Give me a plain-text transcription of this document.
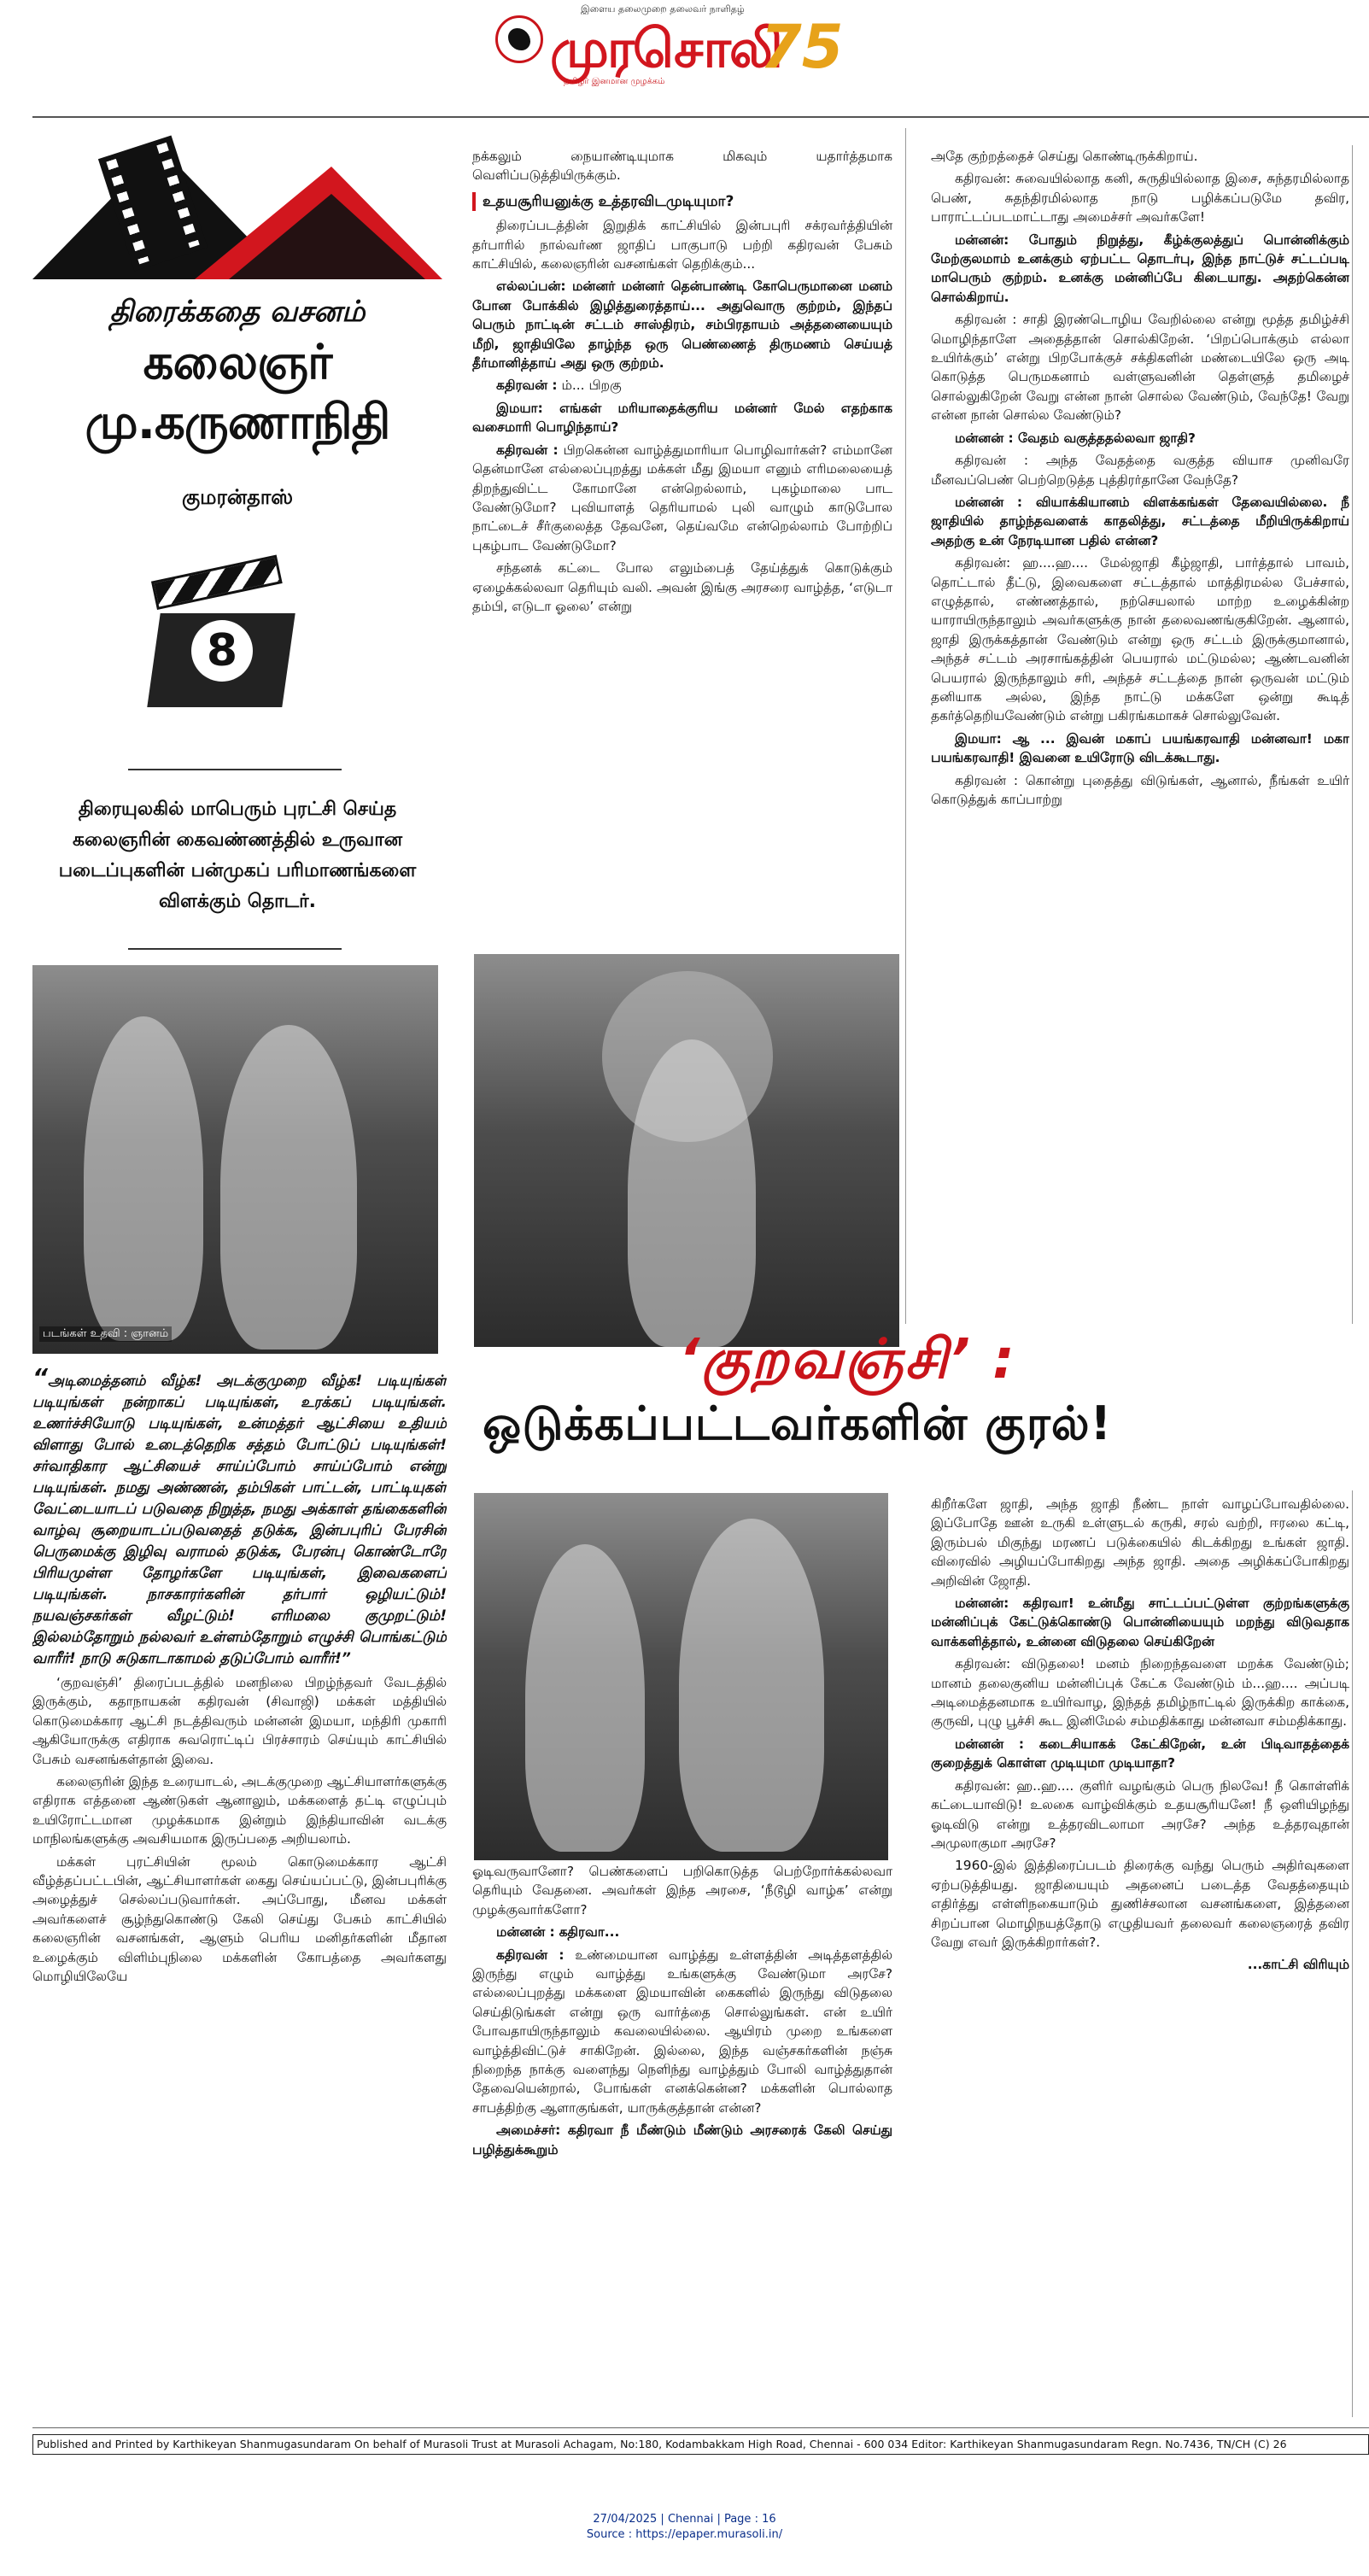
இளைய தலைமுறை தலைவர் நாளிதழ்
முரசொலி
75
தமிழர் இனமான முழக்கம்
திரைக்கதை வசனம்
கலைஞர்
மு.கருணாநிதி
குமரன்தாஸ்
8
திரையுலகில் மாபெரும் புரட்சி செய்த கலைஞரின் கைவண்ணத்தில் உருவான படைப்புகளின் பன்முகப் பரிமாணங்களை விளக்கும் தொடர்.
படங்கள் உதவி : ஞானம்

“அடிமைத்தனம் வீழ்க! அடக்குமுறை வீழ்க! படியுங்கள் படியுங்கள் நன்றாகப் படியுங்கள், உரக்கப் படியுங்கள். உணர்ச்சியோடு படியுங்கள், உன்மத்தர் ஆட்சியை உதியம் விளாது போல் உடைத்தெறிக சத்தம் போட்டுப் படியுங்கள்! சர்வாதிகார ஆட்சியைச் சாய்ப்போம் சாய்ப்போம் என்று படியுங்கள். நமது அண்ணன், தம்பிகள் பாட்டன், பாட்டியுகள் வேட்டையாடப் படுவதை நிறுத்த, நமது அக்காள் தங்கைகளின் வாழ்வு சூறையாடப்படுவதைத் தடுக்க, இன்பபுரிப் பேரசின் பெருமைக்கு இழிவு வராமல் தடுக்க, பேரன்பு கொண்டோரே பிரியமுள்ள தோழர்களே படியுங்கள், இவைகளைப் படியுங்கள். நாசகாரர்களின் தர்பார் ஒழியட்டும்! நயவஞ்சகர்கள் வீழட்டும்! எரிமலை குமுறட்டும்! இல்லம்தோறும் நல்லவர் உள்ளம்தோறும் எழுச்சி பொங்கட்டும் வாரீர்! நாடு சுடுகாடாகாமல் தடுப்போம் வாரீர்!”

‘குறவஞ்சி’ திரைப்படத்தில் மனநிலை பிறழ்ந்தவர் வேடத்தில் இருக்கும், கதாநாயகன் கதிரவன் (சிவாஜி) மக்கள் மத்தியில் கொடுமைக்கார ஆட்சி நடத்திவரும் மன்னன் இமயா, மந்திரி முகாரி ஆகியோருக்கு எதிராக சுவரொட்டிப் பிரச்சாரம் செய்யும் காட்சியில் பேசும் வசனங்கள்தான் இவை.

கலைஞரின் இந்த உரையாடல், அடக்குமுறை ஆட்சியாளர்களுக்கு எதிராக எத்தனை ஆண்டுகள் ஆனாலும், மக்களைத் தட்டி எழுப்பும் உயிரோட்டமான முழக்கமாக இன்றும் இந்தியாவின் வடக்கு மாநிலங்களுக்கு அவசியமாக இருப்பதை அறியலாம்.

மக்கள் புரட்சியின் மூலம் கொடுமைக்கார ஆட்சி வீழ்த்தப்பட்டபின், ஆட்சியாளர்கள் கைது செய்யப்பட்டு, இன்பபுரிக்கு அழைத்துச் செல்லப்படுவார்கள். அப்போது, மீனவ மக்கள் அவர்களைச் சூழ்ந்துகொண்டு கேலி செய்து பேசும் காட்சியில் கலைஞரின் வசனங்கள், ஆளும் பெரிய மனிதர்களின் மீதான உழைக்கும் விளிம்புநிலை மக்களின் கோபத்தை அவர்களது மொழியிலேயே

நக்கலும் நையாண்டியுமாக மிகவும் யதார்த்தமாக வெளிப்படுத்தியிருக்கும்.

உதயசூரியனுக்கு உத்தரவிடமுடியுமா?

திரைப்படத்தின் இறுதிக் காட்சியில் இன்பபுரி சக்ரவர்த்தியின் தர்பாரில் நால்வர்ண ஜாதிப் பாகுபாடு பற்றி கதிரவன் பேசும் காட்சியில், கலைஞரின் வசனங்கள் தெறிக்கும்...

எல்லப்பன்: மன்னர் மன்னர் தென்பாண்டி கோபெருமானை மனம் போன போக்கில் இழித்துரைத்தாய்... அதுவொரு குற்றம், இந்தப் பெரும் நாட்டின் சட்டம் சாஸ்திரம், சம்பிரதாயம் அத்தனையையும் மீறி, ஜாதியிலே தாழ்ந்த ஒரு பெண்ணைத் திருமணம் செய்யத் தீர்மானித்தாய் அது ஒரு குற்றம்.

கதிரவன் : ம்... பிறகு

இமயா: எங்கள் மரியாதைக்குரிய மன்னர் மேல் எதற்காக வசைமாரி பொழிந்தாய்?

கதிரவன் : பிறகென்ன வாழ்த்துமாரியா பொழிவார்கள்? எம்மானே தென்மானே எல்லைப்புறத்து மக்கள் மீது இமயா எனும் எரிமலையைத் திறந்துவிட்ட கோமானே என்றெல்லாம், புகழ்மாலை பாட வேண்டுமோ? புவியாளத் தெரியாமல் புலி வாழும் காடுபோல நாட்டைச் சீர்குலைத்த தேவனே, தெய்வமே என்றெல்லாம் போற்றிப் புகழ்பாட வேண்டுமோ?

சந்தனக் கட்டை போல எலும்பைத் தேய்த்துக் கொடுக்கும் ஏழைக்கல்லவா தெரியும் வலி. அவன் இங்கு அரசரை வாழ்த்த, ‘எடுடா தம்பி, எடுடா ஓலை’ என்று

‘குறவஞ்சி’ :
ஒடுக்கப்பட்டவர்களின் குரல்!

ஓடிவருவானோ? பெண்களைப் பறிகொடுத்த பெற்றோர்க்கல்லவா தெரியும் வேதனை. அவர்கள் இந்த அரசை, ‘நீடூழி வாழ்க’ என்று முழக்குவார்களோ?

மன்னன் : கதிரவா...

கதிரவன் : உண்மையான வாழ்த்து உள்ளத்தின் அடித்தளத்தில் இருந்து எழும் வாழ்த்து உங்களுக்கு வேண்டுமா அரசே? எல்லைப்புறத்து மக்களை இமயாவின் கைகளில் இருந்து விடுதலை செய்திடுங்கள் என்று ஒரு வார்த்தை சொல்லுங்கள். என் உயிர் போவதாயிருந்தாலும் கவலையில்லை. ஆயிரம் முறை உங்களை வாழ்த்திவிட்டுச் சாகிறேன். இல்லை, இந்த வஞ்சகர்களின் நஞ்சு நிறைந்த நாக்கு வளைந்து நெளிந்து வாழ்த்தும் போலி வாழ்த்துதான் தேவையென்றால், போங்கள் எனக்கென்ன? மக்களின் பொல்லாத சாபத்திற்கு ஆளாகுங்கள், யாருக்குத்தான் என்ன?

அமைச்சர்: கதிரவா நீ மீண்டும் மீண்டும் அரசரைக் கேலி செய்து பழித்துக்கூறும்

அதே குற்றத்தைச் செய்து கொண்டிருக்கிறாய்.

கதிரவன்: சுவையில்லாத கனி, சுருதியில்லாத இசை, சுந்தரமில்லாத பெண், சுதந்திரமில்லாத நாடு பழிக்கப்படுமே தவிர, பாராட்டப்படமாட்டாது அமைச்சர் அவர்களே!

மன்னன்: போதும் நிறுத்து, கீழ்க்குலத்துப் பொன்னிக்கும் மேற்குலமாம் உனக்கும் ஏற்பட்ட தொடர்பு, இந்த நாட்டுச் சட்டப்படி மாபெரும் குற்றம். உனக்கு மன்னிப்பே கிடையாது. அதற்கென்ன சொல்கிறாய்.

கதிரவன் : சாதி இரண்டொழிய வேறில்லை என்று மூத்த தமிழ்ச்சி மொழிந்தாளே அதைத்தான் சொல்கிறேன். ‘பிறப்பொக்கும் எல்லா உயிர்க்கும்’ என்று பிறபோக்குச் சக்திகளின் மண்டையிலே ஒரு அடி கொடுத்த பெருமகனாம் வள்ளுவனின் தெள்ளுத் தமிழைச் சொல்லுகிறேன் வேறு என்ன நான் சொல்ல வேண்டும், வேந்தே! வேறு என்ன நான் சொல்ல வேண்டும்?

மன்னன் : வேதம் வகுத்ததல்லவா ஜாதி?

கதிரவன் : அந்த வேதத்தை வகுத்த வியாச முனிவரே மீனவப்பெண் பெற்றெடுத்த புத்திரர்தானே வேந்தே?

மன்னன் : வியாக்கியானம் விளக்கங்கள் தேவையில்லை. நீ ஜாதியில் தாழ்ந்தவளைக் காதலித்து, சட்டத்தை மீறியிருக்கிறாய் அதற்கு உன் நேரடியான பதில் என்ன?

கதிரவன்: ஹ....ஹ.... மேல்ஜாதி கீழ்ஜாதி, பார்த்தால் பாவம், தொட்டால் தீட்டு, இவைகளை சட்டத்தால் மாத்திரமல்ல பேச்சால், எழுத்தால், எண்ணத்தால், நற்செயலால் மாற்ற உழைக்கின்ற யாராயிருந்தாலும் அவர்களுக்கு நான் தலைவணங்குகிறேன். ஆனால், ஜாதி இருக்கத்தான் வேண்டும் என்று ஒரு சட்டம் இருக்குமானால், அந்தச் சட்டம் அரசாங்கத்தின் பெயரால் மட்டுமல்ல; ஆண்டவனின் பெயரால் இருந்தாலும் சரி, அந்தச் சட்டத்தை நான் ஒருவன் மட்டும் தனியாக அல்ல, இந்த நாட்டு மக்களே ஒன்று கூடித் தகர்த்தெறியவேண்டும் என்று பகிரங்கமாகச் சொல்லுவேன்.

இமயா: ஆ ... இவன் மகாப் பயங்கரவாதி மன்னவா! மகா பயங்கரவாதி! இவனை உயிரோடு விடக்கூடாது.

கதிரவன் : கொன்று புதைத்து விடுங்கள், ஆனால், நீங்கள் உயிர் கொடுத்துக் காப்பாற்று

கிறீர்களே ஜாதி, அந்த ஜாதி நீண்ட நாள் வாழப்போவதில்லை. இப்போதே ஊன் உருகி உள்ளுடல் கருகி, சரல் வற்றி, ஈரலை கட்டி, இரும்பல் மிகுந்து மரணப் படுக்கையில் கிடக்கிறது உங்கள் ஜாதி. விரைவில் அழியப்போகிறது அந்த ஜாதி. அதை அழிக்கப்போகிறது அறிவின் ஜோதி.

மன்னன்: கதிரவா! உன்மீது சாட்டப்பட்டுள்ள குற்றங்களுக்கு மன்னிப்புக் கேட்டுக்கொண்டு பொன்னியையும் மறந்து விடுவதாக வாக்களித்தால், உன்னை விடுதலை செய்கிறேன்

கதிரவன்: விடுதலை! மனம் நிறைந்தவளை மறக்க வேண்டும்; மானம் தலைகுனிய மன்னிப்புக் கேட்க வேண்டும் ம்...ஹ.... அப்படி அடிமைத்தனமாக உயிர்வாழ, இந்தத் தமிழ்நாட்டில் இருக்கிற காக்கை, குருவி, புழு பூச்சி கூட இனிமேல் சம்மதிக்காது மன்னவா சம்மதிக்காது.

மன்னன் : கடைசியாகக் கேட்கிறேன், உன் பிடிவாதத்தைக் குறைத்துக் கொள்ள முடியுமா முடியாதா?

கதிரவன்: ஹ..ஹ.... குளிர் வழங்கும் பெரு நிலவே! நீ கொள்ளிக் கட்டையாவிடு! உலகை வாழ்விக்கும் உதயசூரியனே! நீ ஒளியிழந்து ஓடிவிடு என்று உத்தரவிடலாமா அரசே? அந்த உத்தரவுதான் அமுலாகுமா அரசே?

1960-இல் இத்திரைப்படம் திரைக்கு வந்து பெரும் அதிர்வுகளை ஏற்படுத்தியது. ஜாதியையும் அதனைப் படைத்த வேதத்தையும் எதிர்த்து எள்ளிநகையாடும் துணிச்சலான வசனங்களை, இத்தனை சிறப்பான மொழிநயத்தோடு எழுதியவர் தலைவர் கலைஞரைத் தவிர வேறு எவர் இருக்கிறார்கள்?.

...காட்சி விரியும்

Published and Printed by Karthikeyan Shanmugasundaram On behalf of Murasoli Trust at Murasoli Achagam, No:180, Kodambakkam High Road, Chennai - 600 034 Editor: Karthikeyan Shanmugasundaram Regn. No.7436, TN/CH (C) 26
27/04/2025 | Chennai | Page : 16
Source : https://epaper.murasoli.in/
